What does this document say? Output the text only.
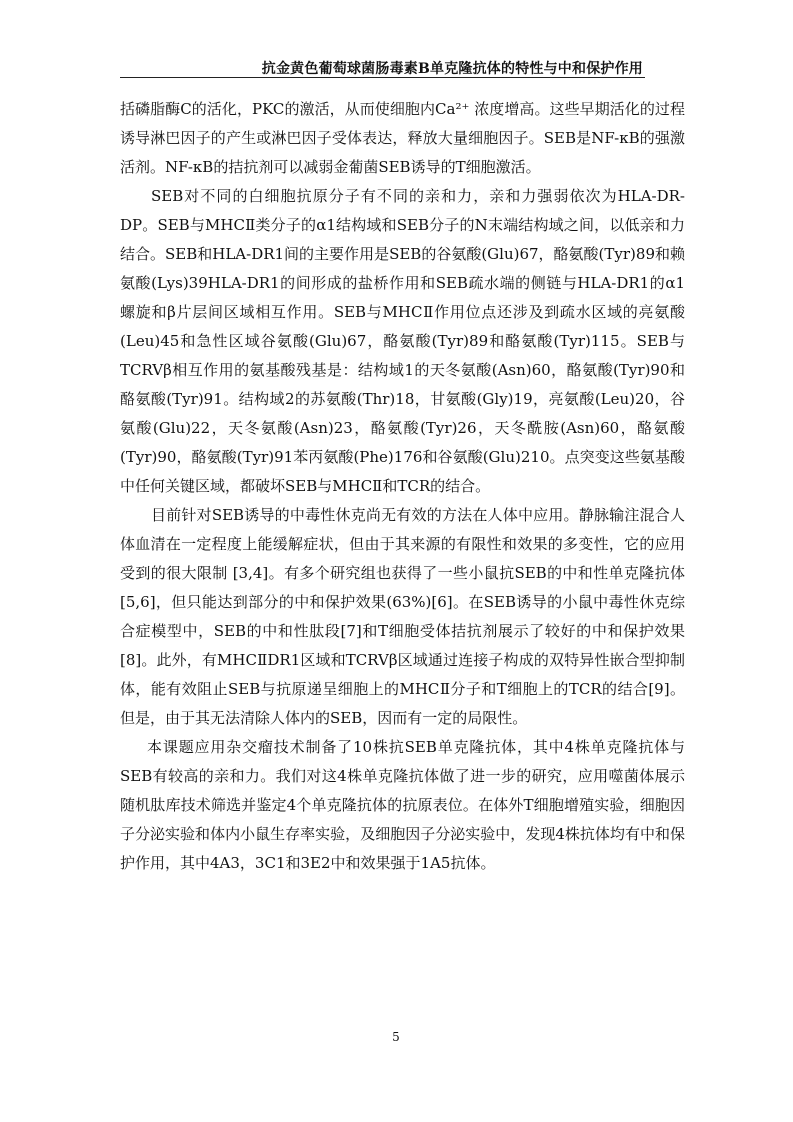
抗金黄色葡萄球菌肠毒素B单克隆抗体的特性与中和保护作用

括磷脂酶C的活化，PKC的激活，从而使细胞内Ca²⁺ 浓度增高。这些早期活化的过程诱导淋巴因子的产生或淋巴因子受体表达，释放大量细胞因子。SEB是NF-κB的强激活剂。NF-κB的拮抗剂可以减弱金葡菌SEB诱导的T细胞激活。

SEB对不同的白细胞抗原分子有不同的亲和力，亲和力强弱依次为HLA-DR-DP。SEB与MHCⅡ类分子的α1结构域和SEB分子的N末端结构域之间，以低亲和力结合。SEB和HLA-DR1间的主要作用是SEB的谷氨酸(Glu)67，酪氨酸(Tyr)89和赖氨酸(Lys)39HLA-DR1的间形成的盐桥作用和SEB疏水端的侧链与HLA-DR1的α1螺旋和β片层间区域相互作用。SEB与MHCⅡ作用位点还涉及到疏水区域的亮氨酸(Leu)45和急性区域谷氨酸(Glu)67，酪氨酸(Tyr)89和酪氨酸(Tyr)115。SEB与TCRVβ相互作用的氨基酸残基是：结构域1的天冬氨酸(Asn)60，酪氨酸(Tyr)90和酪氨酸(Tyr)91。结构域2的苏氨酸(Thr)18，甘氨酸(Gly)19，亮氨酸(Leu)20，谷氨酸(Glu)22，天冬氨酸(Asn)23，酪氨酸(Tyr)26，天冬酰胺(Asn)60，酪氨酸(Tyr)90，酪氨酸(Tyr)91苯丙氨酸(Phe)176和谷氨酸(Glu)210。点突变这些氨基酸中任何关键区域，都破坏SEB与MHCⅡ和TCR的结合。

目前针对SEB诱导的中毒性休克尚无有效的方法在人体中应用。静脉输注混合人体血清在一定程度上能缓解症状，但由于其来源的有限性和效果的多变性，它的应用受到的很大限制 [3,4]。有多个研究组也获得了一些小鼠抗SEB的中和性单克隆抗体 [5,6]，但只能达到部分的中和保护效果(63%)[6]。在SEB诱导的小鼠中毒性休克综合症模型中，SEB的中和性肽段[7]和T细胞受体拮抗剂展示了较好的中和保护效果 [8]。此外，有MHCⅡDR1区域和TCRVβ区域通过连接子构成的双特异性嵌合型抑制体，能有效阻止SEB与抗原递呈细胞上的MHCⅡ分子和T细胞上的TCR的结合[9]。但是，由于其无法清除人体内的SEB，因而有一定的局限性。

本课题应用杂交瘤技术制备了10株抗SEB单克隆抗体，其中4株单克隆抗体与SEB有较高的亲和力。我们对这4株单克隆抗体做了进一步的研究，应用噬菌体展示随机肽库技术筛选并鉴定4个单克隆抗体的抗原表位。在体外T细胞增殖实验，细胞因子分泌实验和体内小鼠生存率实验，及细胞因子分泌实验中，发现4株抗体均有中和保护作用，其中4A3，3C1和3E2中和效果强于1A5抗体。

5
